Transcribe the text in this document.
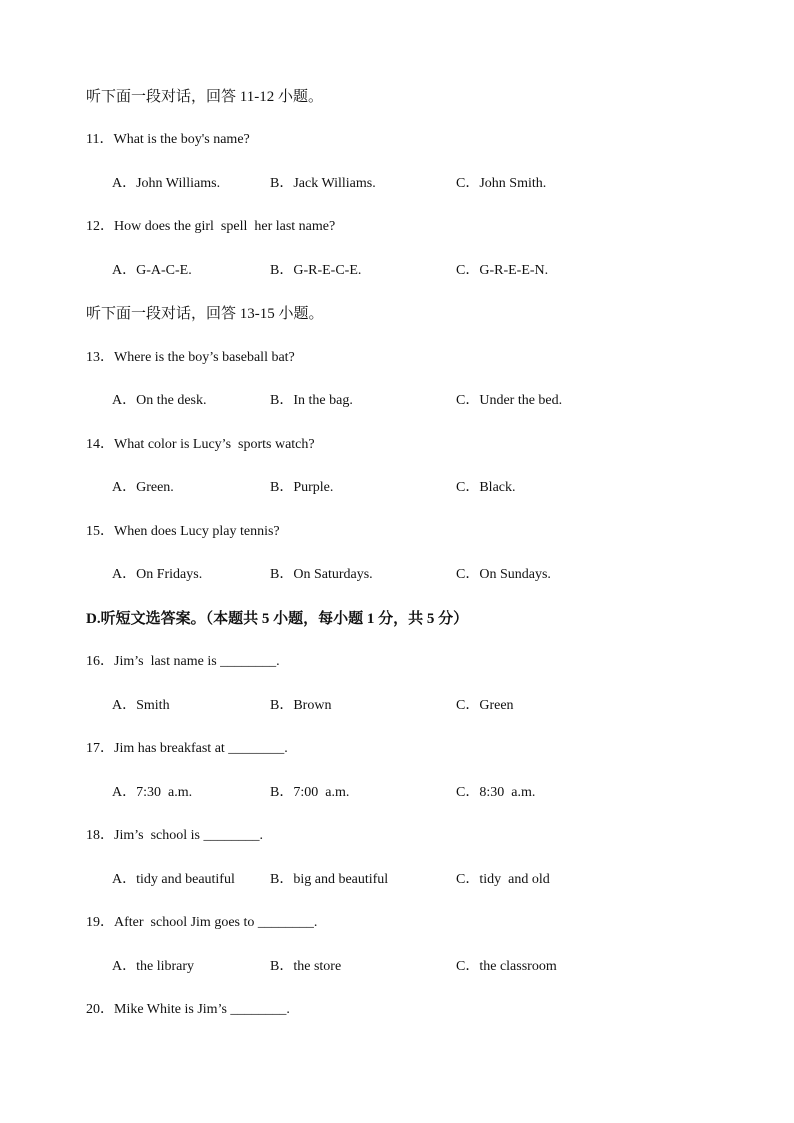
听下面一段对话，回答 11-12 小题。
11．What is the boy's name?
A．John Williams.	B．Jack Williams.	C．John Smith.
12．How does the girl  spell  her last name?
A．G-A-C-E.	B．G-R-E-C-E.	C．G-R-E-E-N.
听下面一段对话，回答 13-15 小题。
13．Where is the boy’s baseball bat?
A．On the desk.	B．In the bag.	C．Under the bed.
14．What color is Lucy’s  sports watch?
A．Green.	B．Purple.	C．Black.
15．When does Lucy play tennis?
A．On Fridays.	B．On Saturdays.	C．On Sundays.
D.听短文选答案。（本题共 5 小题，每小题 1 分，共 5 分）
16．Jim’s  last name is ________.
A．Smith	B．Brown	C．Green
17．Jim has breakfast at ________.
A．7:30  a.m.	B．7:00  a.m.	C．8:30  a.m.
18．Jim’s  school is ________.
A．tidy and beautiful	B．big and beautiful	C．tidy  and old
19．After  school Jim goes to ________.
A．the library	B．the store	C．the classroom
20．Mike White is Jim’s ________.
